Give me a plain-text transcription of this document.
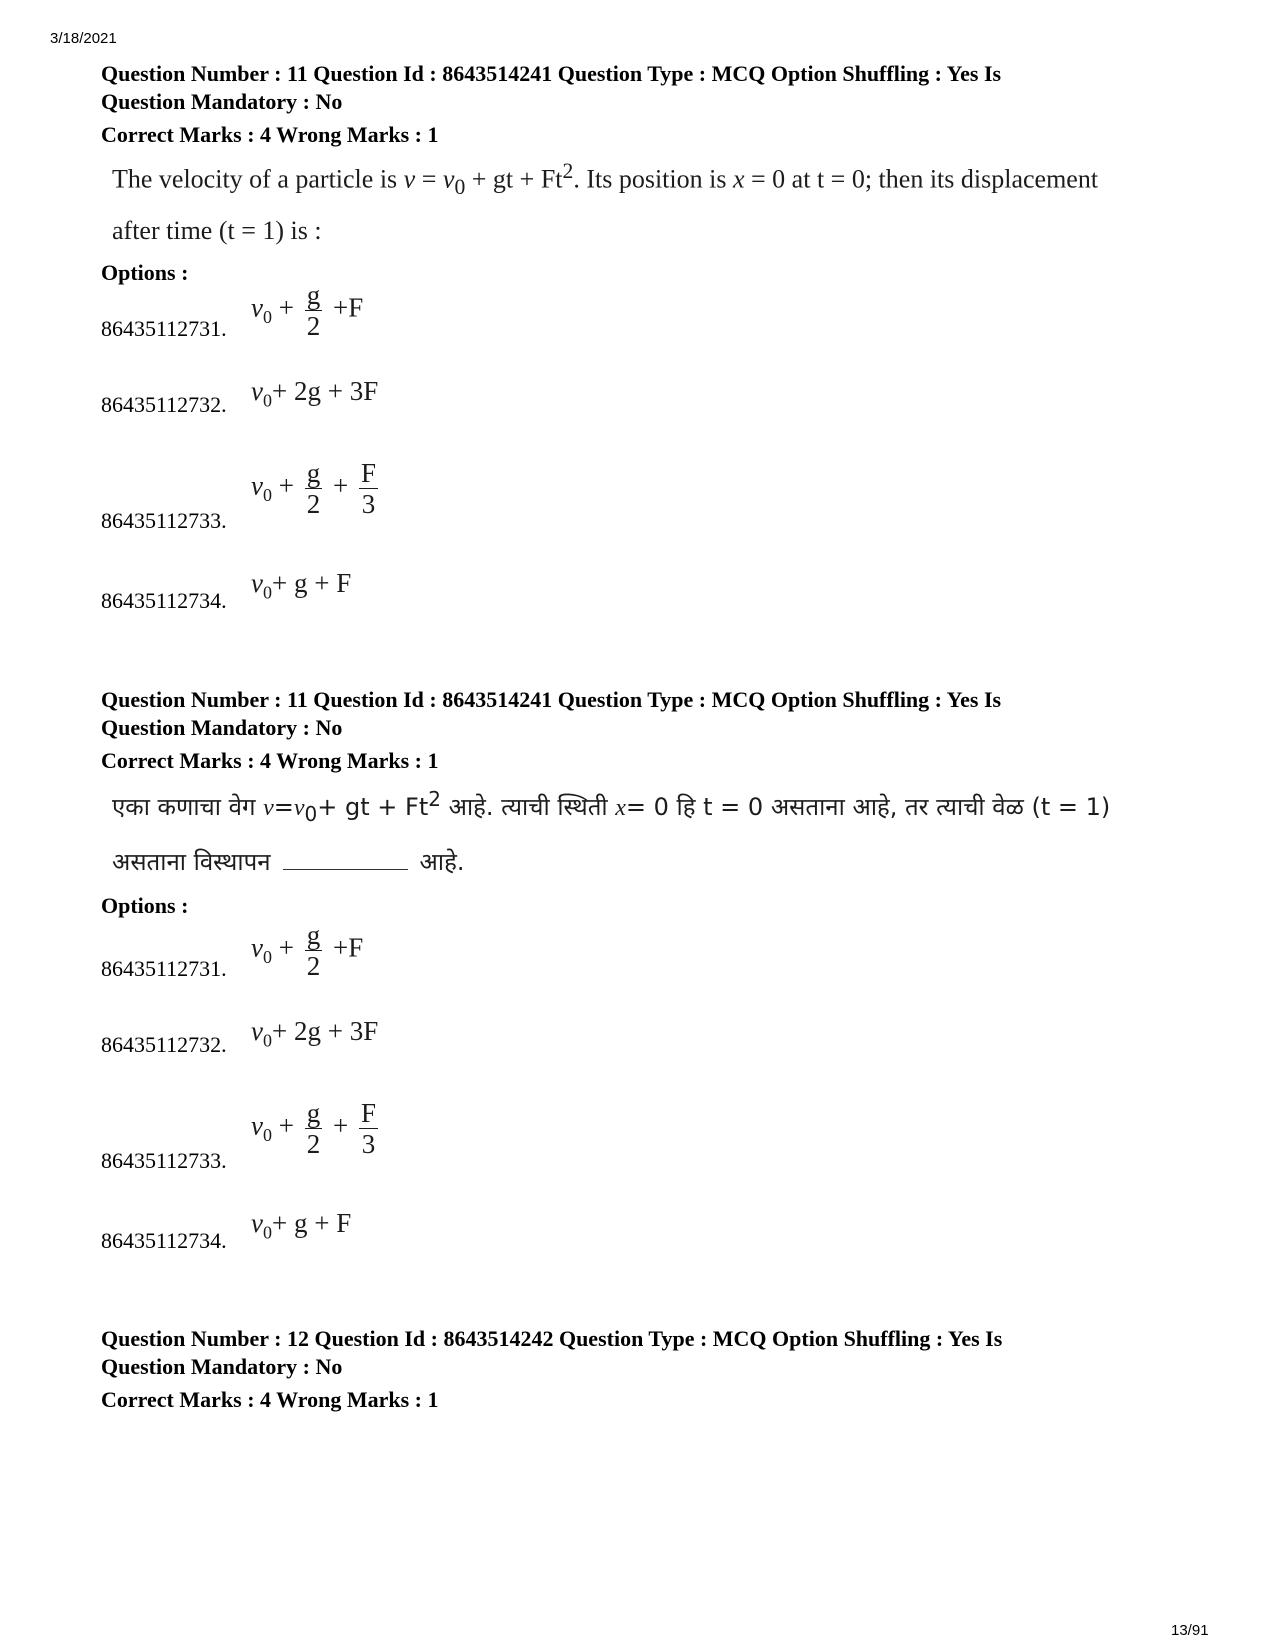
3/18/2021
Question Number : 11 Question Id : 8643514241 Question Type : MCQ Option Shuffling : Yes Is
Question Mandatory : No
Correct Marks : 4 Wrong Marks : 1
The velocity of a particle is $v = v_0$ + gt + $Ft^2$. Its position is x = 0 at t = 0; then its displacement
after time (t = 1) is :
Options :
86435112731.
$v_0 + \frac{g}{2} +F$
86435112732. $v_0+ 2g + 3F$
86435112733.
$v_0 + \frac{g}{2} + \frac{F}{3}$
86435112734.
$v_0+ g + F$
Question Number : 11 Question Id : 8643514241 Question Type : MCQ Option Shuffling : Yes Is
Question Mandatory : No
Correct Marks : 4 Wrong Marks : 1
एका कणाचा वेग $v=v_0+$ gt + $Ft^2$ आहे. त्याची स्थिती x= 0 हि t = 0 असताना आहे, तर त्याची वेळ (t = 1)
असताना विस्थापन	आहे.
Options :
86435112731.
$v_0 + \frac{g}{2} +F$
86435112732. $v_0+ 2g + 3F$
86435112733.
$v_0 + \frac{g}{2} + \frac{F}{3}$
86435112734.
$v_0+ g + F$
Question Number : 12 Question Id : 8643514242 Question Type : MCQ Option Shuffling : Yes Is
Question Mandatory : No
Correct Marks : 4 Wrong Marks : 1
13/91
